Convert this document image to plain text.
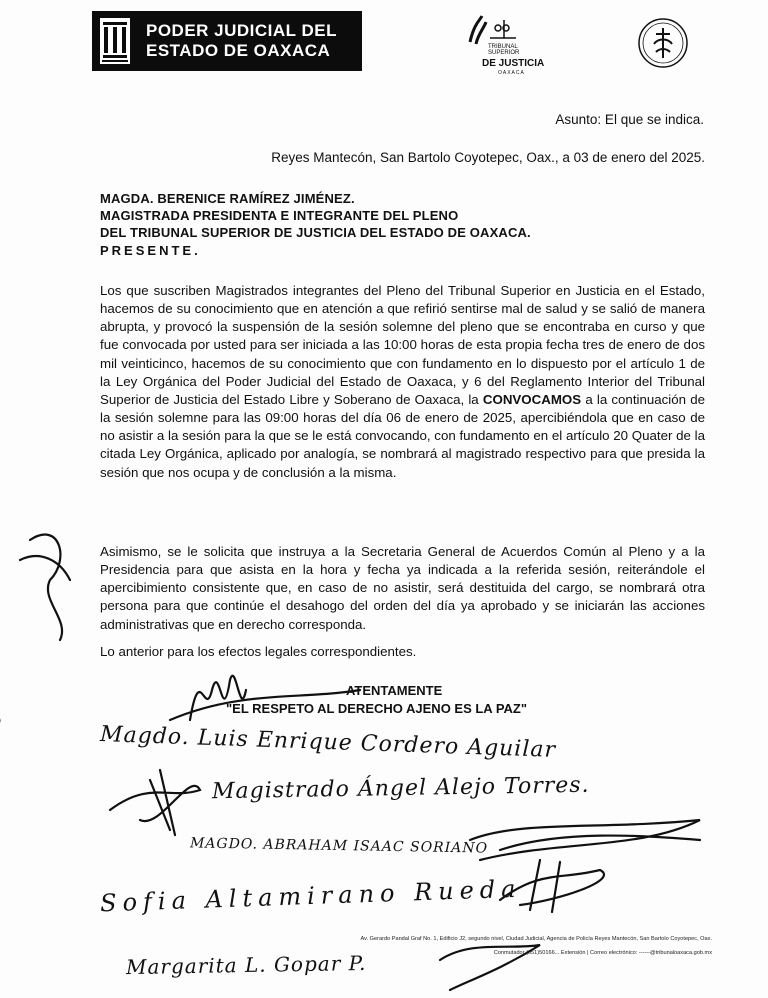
PODER JUDICIAL DEL
ESTADO DE OAXACA	TRIBUNAL SUPERIOR
DE JUSTICIA
OAXACA
Asunto: El que se indica.
Reyes Mantecón, San Bartolo Coyotepec, Oax., a 03 de enero del 2025.
MAGDA. BERENICE RAMÍREZ JIMÉNEZ.
MAGISTRADA PRESIDENTA E INTEGRANTE DEL PLENO
DEL TRIBUNAL SUPERIOR DE JUSTICIA DEL ESTADO DE OAXACA.
PRESENTE.
Los que suscriben Magistrados integrantes del Pleno del Tribunal Superior en Justicia en el Estado, hacemos de su conocimiento que en atención a que refirió sentirse mal de salud y se salió de manera abrupta, y provocó la suspensión de la sesión solemne del pleno que se encontraba en curso y que fue convocada por usted para ser iniciada a las 10:00 horas de esta propia fecha tres de enero de dos mil veinticinco, hacemos de su conocimiento que con fundamento en lo dispuesto por el artículo 1 de la Ley Orgánica del Poder Judicial del Estado de Oaxaca, y 6 del Reglamento Interior del Tribunal Superior de Justicia del Estado Libre y Soberano de Oaxaca, la CONVOCAMOS a la continuación de la sesión solemne para las 09:00 horas del día 06 de enero de 2025, apercibiéndola que en caso de no asistir a la sesión para la que se le está convocando, con fundamento en el artículo 20 Quater de la citada Ley Orgánica, aplicado por analogía, se nombrará al magistrado respectivo para que presida la sesión que nos ocupa y de conclusión a la misma.
Asimismo, se le solicita que instruya a la Secretaria General de Acuerdos Común al Pleno y a la Presidencia para que asista en la hora y fecha ya indicada a la referida sesión, reiterándole el apercibimiento consistente que, en caso de no asistir, será destituida del cargo, se nombrará otra persona para que continúe el desahogo del orden del día ya aprobado y se iniciarán las acciones administrativas que en derecho corresponda.
Lo anterior para los efectos legales correspondientes.
ATENTAMENTE
"EL RESPETO AL DERECHO AJENO ES LA PAZ"
Magdo. Luis Enrique Cordero Aguilar
Magistrado Ángel Alejo Torres.
MAGDO. ABRAHAM ISAAC SORIANO
Sofia Altamirano Rueda
Margarita L. Gopar P.
Av. Gerardo Pandal Graf No. 1, Edificio J2, segundo nivel, Ciudad Judicial, Agencia de Policía Reyes Mantecón, San Bartolo Coyotepec, Oax.
Conmutador (951)50166... Extensión | Correo electrónico: ------@tribunaloaxaca.gob.mx
